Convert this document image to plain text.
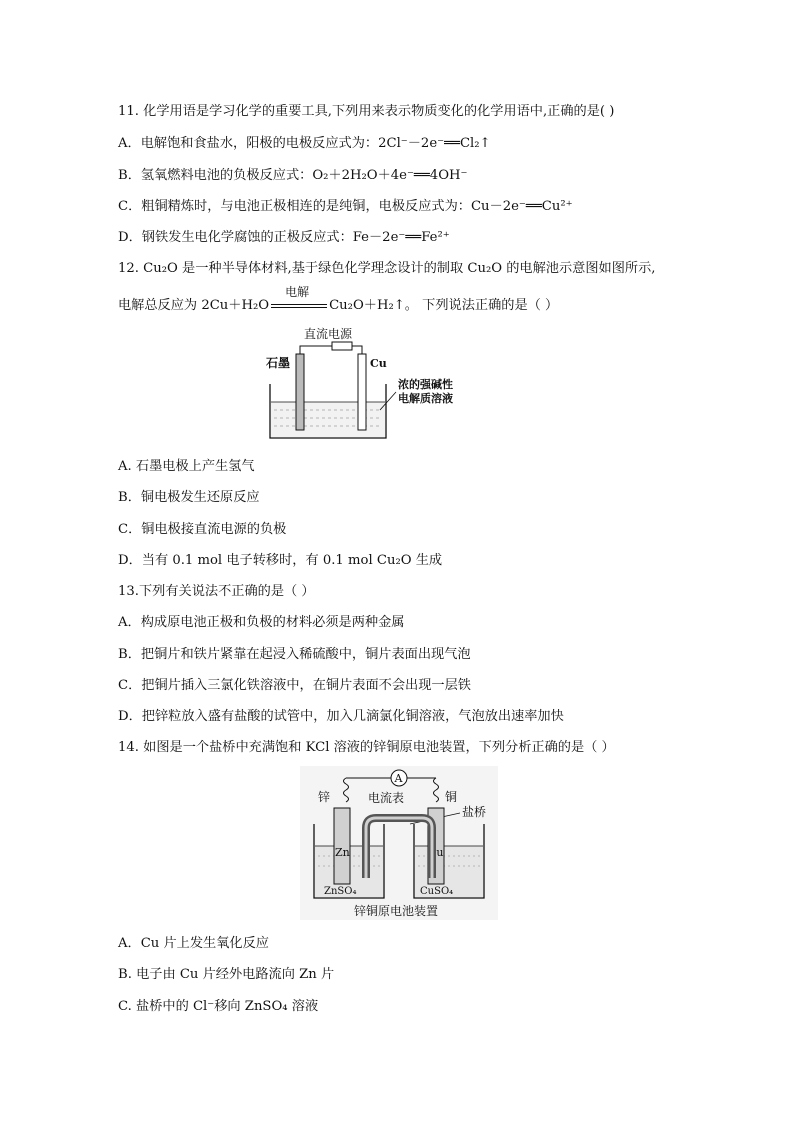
11. 化学用语是学习化学的重要工具,下列用来表示物质变化的化学用语中,正确的是( )
A．电解饱和食盐水，阳极的电极反应式为：2Cl⁻－2e⁻══Cl₂↑
B．氢氧燃料电池的负极反应式：O₂＋2H₂O＋4e⁻══4OH⁻
C．粗铜精炼时，与电池正极相连的是纯铜，电极反应式为：Cu－2e⁻══Cu²⁺
D．钢铁发生电化学腐蚀的正极反应式：Fe－2e⁻══Fe²⁺
12. Cu₂O 是一种半导体材料,基于绿色化学理念设计的制取 Cu₂O 的电解池示意图如图所示,
电解总反应为 2Cu＋H₂O
电解
Cu₂O＋H₂↑。 下列说法正确的是（ ）
直流电源
石墨	Cu
浓的强碱性
电解质溶液
A. 石墨电极上产生氢气
B．铜电极发生还原反应
C．铜电极接直流电源的负极
D．当有 0.1 mol 电子转移时，有 0.1 mol Cu₂O 生成
13.下列有关说法不正确的是（ ）
A．构成原电池正极和负极的材料必须是两种金属
B．把铜片和铁片紧靠在起浸入稀硫酸中，铜片表面出现气泡
C．把铜片插入三氯化铁溶液中，在铜片表面不会出现一层铁
D．把锌粒放入盛有盐酸的试管中，加入几滴氯化铜溶液，气泡放出速率加快
14. 如图是一个盐桥中充满饱和 KCl 溶液的锌铜原电池装置，下列分析正确的是（ ）
A
锌	铜
电流表
盐桥
Zn	Cu
ZnSO₄	CuSO₄
锌铜原电池装置
A．Cu 片上发生氧化反应
B. 电子由 Cu 片经外电路流向 Zn 片
C. 盐桥中的 Cl⁻移向 ZnSO₄ 溶液
